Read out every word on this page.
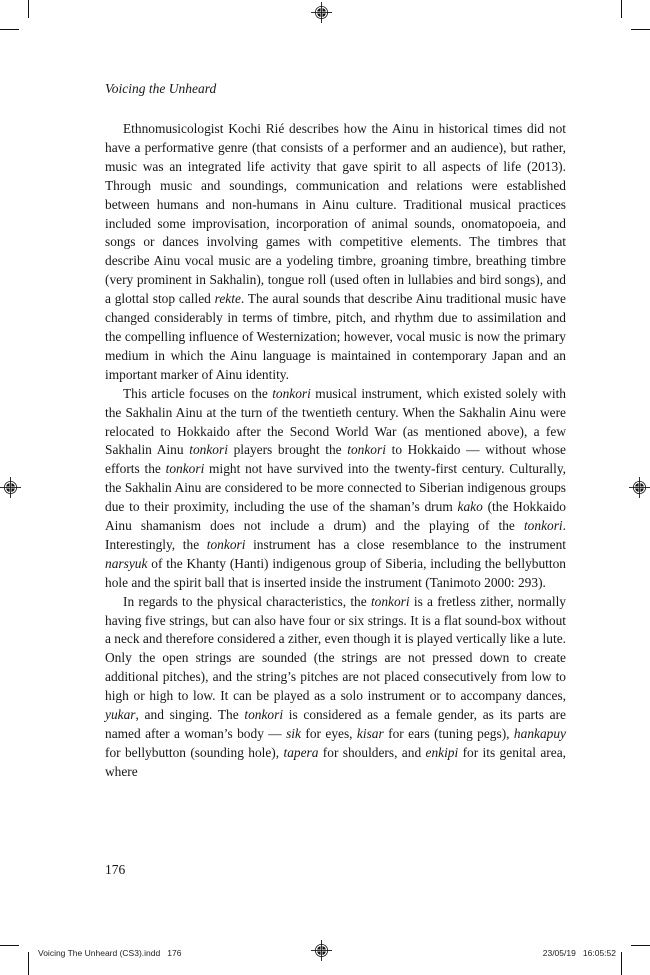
Voicing the Unheard

Ethnomusicologist Kochi Rié describes how the Ainu in historical times did not have a performative genre (that consists of a performer and an audience), but rather, music was an integrated life activity that gave spirit to all aspects of life (2013). Through music and soundings, communication and relations were established between humans and non-humans in Ainu culture. Traditional musical practices included some improvisation, incorporation of animal sounds, onomatopoeia, and songs or dances involving games with competitive elements. The timbres that describe Ainu vocal music are a yodeling timbre, groaning timbre, breathing timbre (very prominent in Sakhalin), tongue roll (used often in lullabies and bird songs), and a glottal stop called rekte. The aural sounds that describe Ainu traditional music have changed considerably in terms of timbre, pitch, and rhythm due to assimilation and the compelling influence of Westernization; however, vocal music is now the primary medium in which the Ainu language is maintained in contemporary Japan and an important marker of Ainu identity.

This article focuses on the tonkori musical instrument, which existed solely with the Sakhalin Ainu at the turn of the twentieth century. When the Sakhalin Ainu were relocated to Hokkaido after the Second World War (as mentioned above), a few Sakhalin Ainu tonkori players brought the tonkori to Hokkaido — without whose efforts the tonkori might not have survived into the twenty-first century. Culturally, the Sakhalin Ainu are considered to be more connected to Siberian indigenous groups due to their proximity, including the use of the shaman’s drum kako (the Hokkaido Ainu shamanism does not include a drum) and the playing of the tonkori. Interestingly, the tonkori instrument has a close resemblance to the instrument narsyuk of the Khanty (Hanti) indigenous group of Siberia, including the bellybutton hole and the spirit ball that is inserted inside the instrument (Tanimoto 2000: 293).

In regards to the physical characteristics, the tonkori is a fretless zither, normally having five strings, but can also have four or six strings. It is a flat sound-box without a neck and therefore considered a zither, even though it is played vertically like a lute. Only the open strings are sounded (the strings are not pressed down to create additional pitches), and the string’s pitches are not placed consecutively from low to high or high to low. It can be played as a solo instrument or to accompany dances, yukar, and singing. The tonkori is considered as a female gender, as its parts are named after a woman’s body — sik for eyes, kisar for ears (tuning pegs), hankapuy for bellybutton (sounding hole), tapera for shoulders, and enkipi for its genital area, where

176
Voicing The Unheard (CS3).indd   176	23/05/19   16:05:52
